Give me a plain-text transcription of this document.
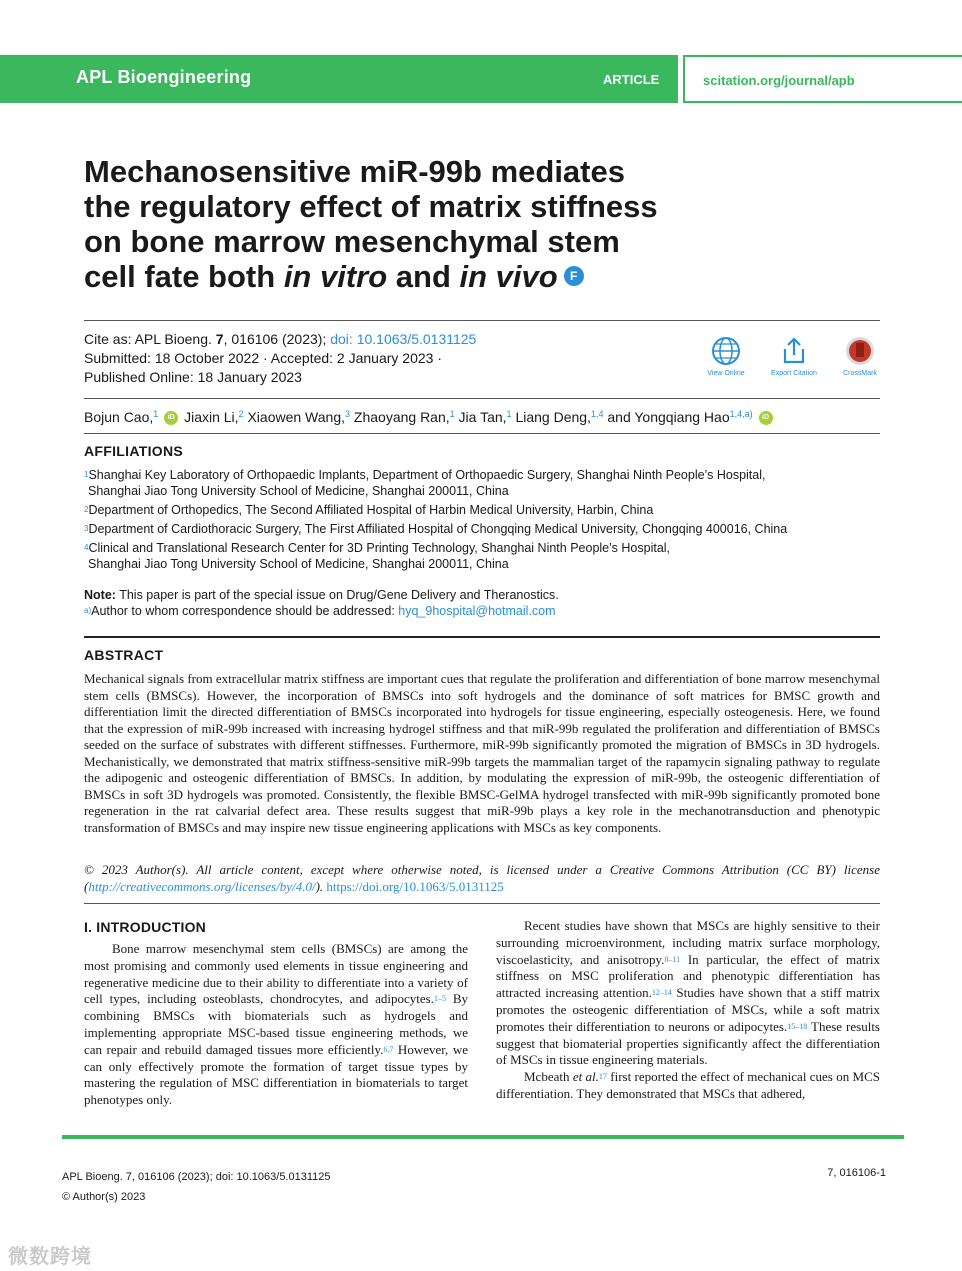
APL Bioengineering	ARTICLE	scitation.org/journal/apb
Mechanosensitive miR-99b mediates
the regulatory effect of matrix stiffness
on bone marrow mesenchymal stem
cell fate both in vitro and in vivo F
Cite as: APL Bioeng. 7, 016106 (2023); doi: 10.1063/5.0131125
Submitted: 18 October 2022 · Accepted: 2 January 2023 ·
Published Online: 18 January 2023	View Online	Export Citation	CrossMark
Bojun Cao,$^1$ iD Jiaxin Li,$^2$ Xiaowen Wang,$^3$ Zhaoyang Ran,$^1$ Jia Tan,$^1$ Liang Deng,$^{1,4}$ and Yongqiang Hao$^{1,4,a)}$ iD
AFFILIATIONS
$^1$Shanghai Key Laboratory of Orthopaedic Implants, Department of Orthopaedic Surgery, Shanghai Ninth People’s Hospital,
Shanghai Jiao Tong University School of Medicine, Shanghai 200011, China
$^2$Department of Orthopedics, The Second Affiliated Hospital of Harbin Medical University, Harbin, China
$^3$Department of Cardiothoracic Surgery, The First Affiliated Hospital of Chongqing Medical University, Chongqing 400016, China
$^4$Clinical and Translational Research Center for 3D Printing Technology, Shanghai Ninth People’s Hospital,
Shanghai Jiao Tong University School of Medicine, Shanghai 200011, China
Note: This paper is part of the special issue on Drug/Gene Delivery and Theranostics.
$^{a)}$Author to whom correspondence should be addressed: hyq_9hospital@hotmail.com
ABSTRACT
Mechanical signals from extracellular matrix stiffness are important cues that regulate the proliferation and differentiation of bone marrow mesenchymal stem cells (BMSCs). However, the incorporation of BMSCs into soft hydrogels and the dominance of soft matrices for BMSC growth and differentiation limit the directed differentiation of BMSCs incorporated into hydrogels for tissue engineering, especially osteogenesis. Here, we found that the expression of miR-99b increased with increasing hydrogel stiffness and that miR-99b regulated the proliferation and differentiation of BMSCs seeded on the surface of substrates with different stiffnesses. Furthermore, miR-99b significantly promoted the migration of BMSCs in 3D hydrogels. Mechanistically, we demonstrated that matrix stiffness-sensitive miR-99b targets the mammalian target of the rapamycin signaling pathway to regulate the adipogenic and osteogenic differentiation of BMSCs. In addition, by modulating the expression of miR-99b, the osteogenic differentiation of BMSCs in soft 3D hydrogels was promoted. Consistently, the flexible BMSC-GelMA hydrogel transfected with miR-99b significantly promoted bone regeneration in the rat calvarial defect area. These results suggest that miR-99b plays a key role in the mechanotransduction and phenotypic transformation of BMSCs and may inspire new tissue engineering applications with MSCs as key components.
© 2023 Author(s). All article content, except where otherwise noted, is licensed under a Creative Commons Attribution (CC BY) license (http://creativecommons.org/licenses/by/4.0/). https://doi.org/10.1063/5.0131125
I. INTRODUCTION

Bone marrow mesenchymal stem cells (BMSCs) are among the most promising and commonly used elements in tissue engineering and regenerative medicine due to their ability to differentiate into a variety of cell types, including osteoblasts, chondrocytes, and adipocytes.$^{1-5}$ By combining BMSCs with biomaterials such as hydrogels and implementing appropriate MSC-based tissue engineering methods, we can repair and rebuild damaged tissues more efficiently.$^{6,7}$ However, we can only effectively promote the formation of target tissue types by mastering the regulation of MSC differentiation in biomaterials to target phenotypes only.

Recent studies have shown that MSCs are highly sensitive to their surrounding microenvironment, including matrix surface morphology, viscoelasticity, and anisotropy.$^{8-11}$ In particular, the effect of matrix stiffness on MSC proliferation and phenotypic differentiation has attracted increasing attention.$^{12-14}$ Studies have shown that a stiff matrix promotes the osteogenic differentiation of MSCs, while a soft matrix promotes their differentiation to neurons or adipocytes.$^{15-18}$ These results suggest that biomaterial properties significantly affect the differentiation of MSCs in tissue engineering materials.

Mcbeath et al.$^{17}$ first reported the effect of mechanical cues on MCS differentiation. They demonstrated that MSCs that adhered,

APL Bioeng. 7, 016106 (2023); doi: 10.1063/5.0131125
© Author(s) 2023
7, 016106-1
微数跨境
